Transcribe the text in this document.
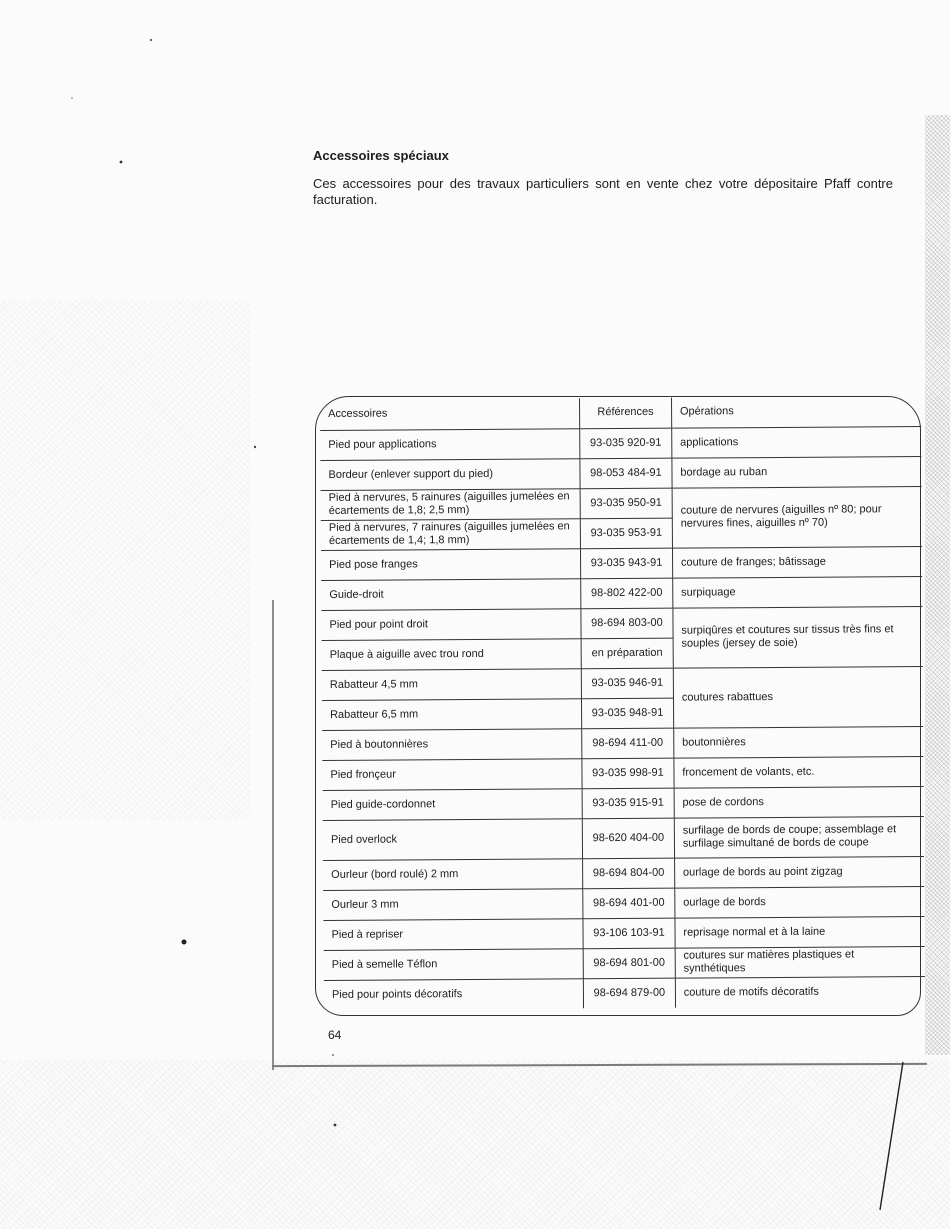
Accessoires spéciaux

Ces accessoires pour des travaux particuliers sont en vente chez votre dépositaire Pfaff contre facturation.

Accessoires	Références	Opérations
Pied pour applications	93-035 920-91	applications
Bordeur (enlever support du pied)	98-053 484-91	bordage au ruban
Pied à nervures, 5 rainures (aiguilles jumelées en écartements de 1,8; 2,5 mm)	93-035 950-91	couture de nervures (aiguilles nº 80; pour nervures fines, aiguilles nº 70)
Pied à nervures, 7 rainures (aiguilles jumelées en écartements de 1,4; 1,8 mm)	93-035 953-91	
Pied pose franges	93-035 943-91	couture de franges; bâtissage
Guide-droit	98-802 422-00	surpiquage
Pied pour point droit	98-694 803-00	surpiqûres et coutures sur tissus très fins et souples (jersey de soie)
Plaque à aiguille avec trou rond	en préparation	
Rabatteur 4,5 mm	93-035 946-91	coutures rabattues
Rabatteur 6,5 mm	93-035 948-91	
Pied à boutonnières	98-694 411-00	boutonnières
Pied fronçeur	93-035 998-91	froncement de volants, etc.
Pied guide-cordonnet	93-035 915-91	pose de cordons
Pied overlock	98-620 404-00	surfilage de bords de coupe; assemblage et surfilage simultané de bords de coupe
Ourleur (bord roulé) 2 mm	98-694 804-00	ourlage de bords au point zigzag
Ourleur 3 mm	98-694 401-00	ourlage de bords
Pied à repriser	93-106 103-91	reprisage normal et à la laine
Pied à semelle Téflon	98-694 801-00	coutures sur matières plastiques et synthétiques
Pied pour points décoratifs	98-694 879-00	couture de motifs décoratifs
64
